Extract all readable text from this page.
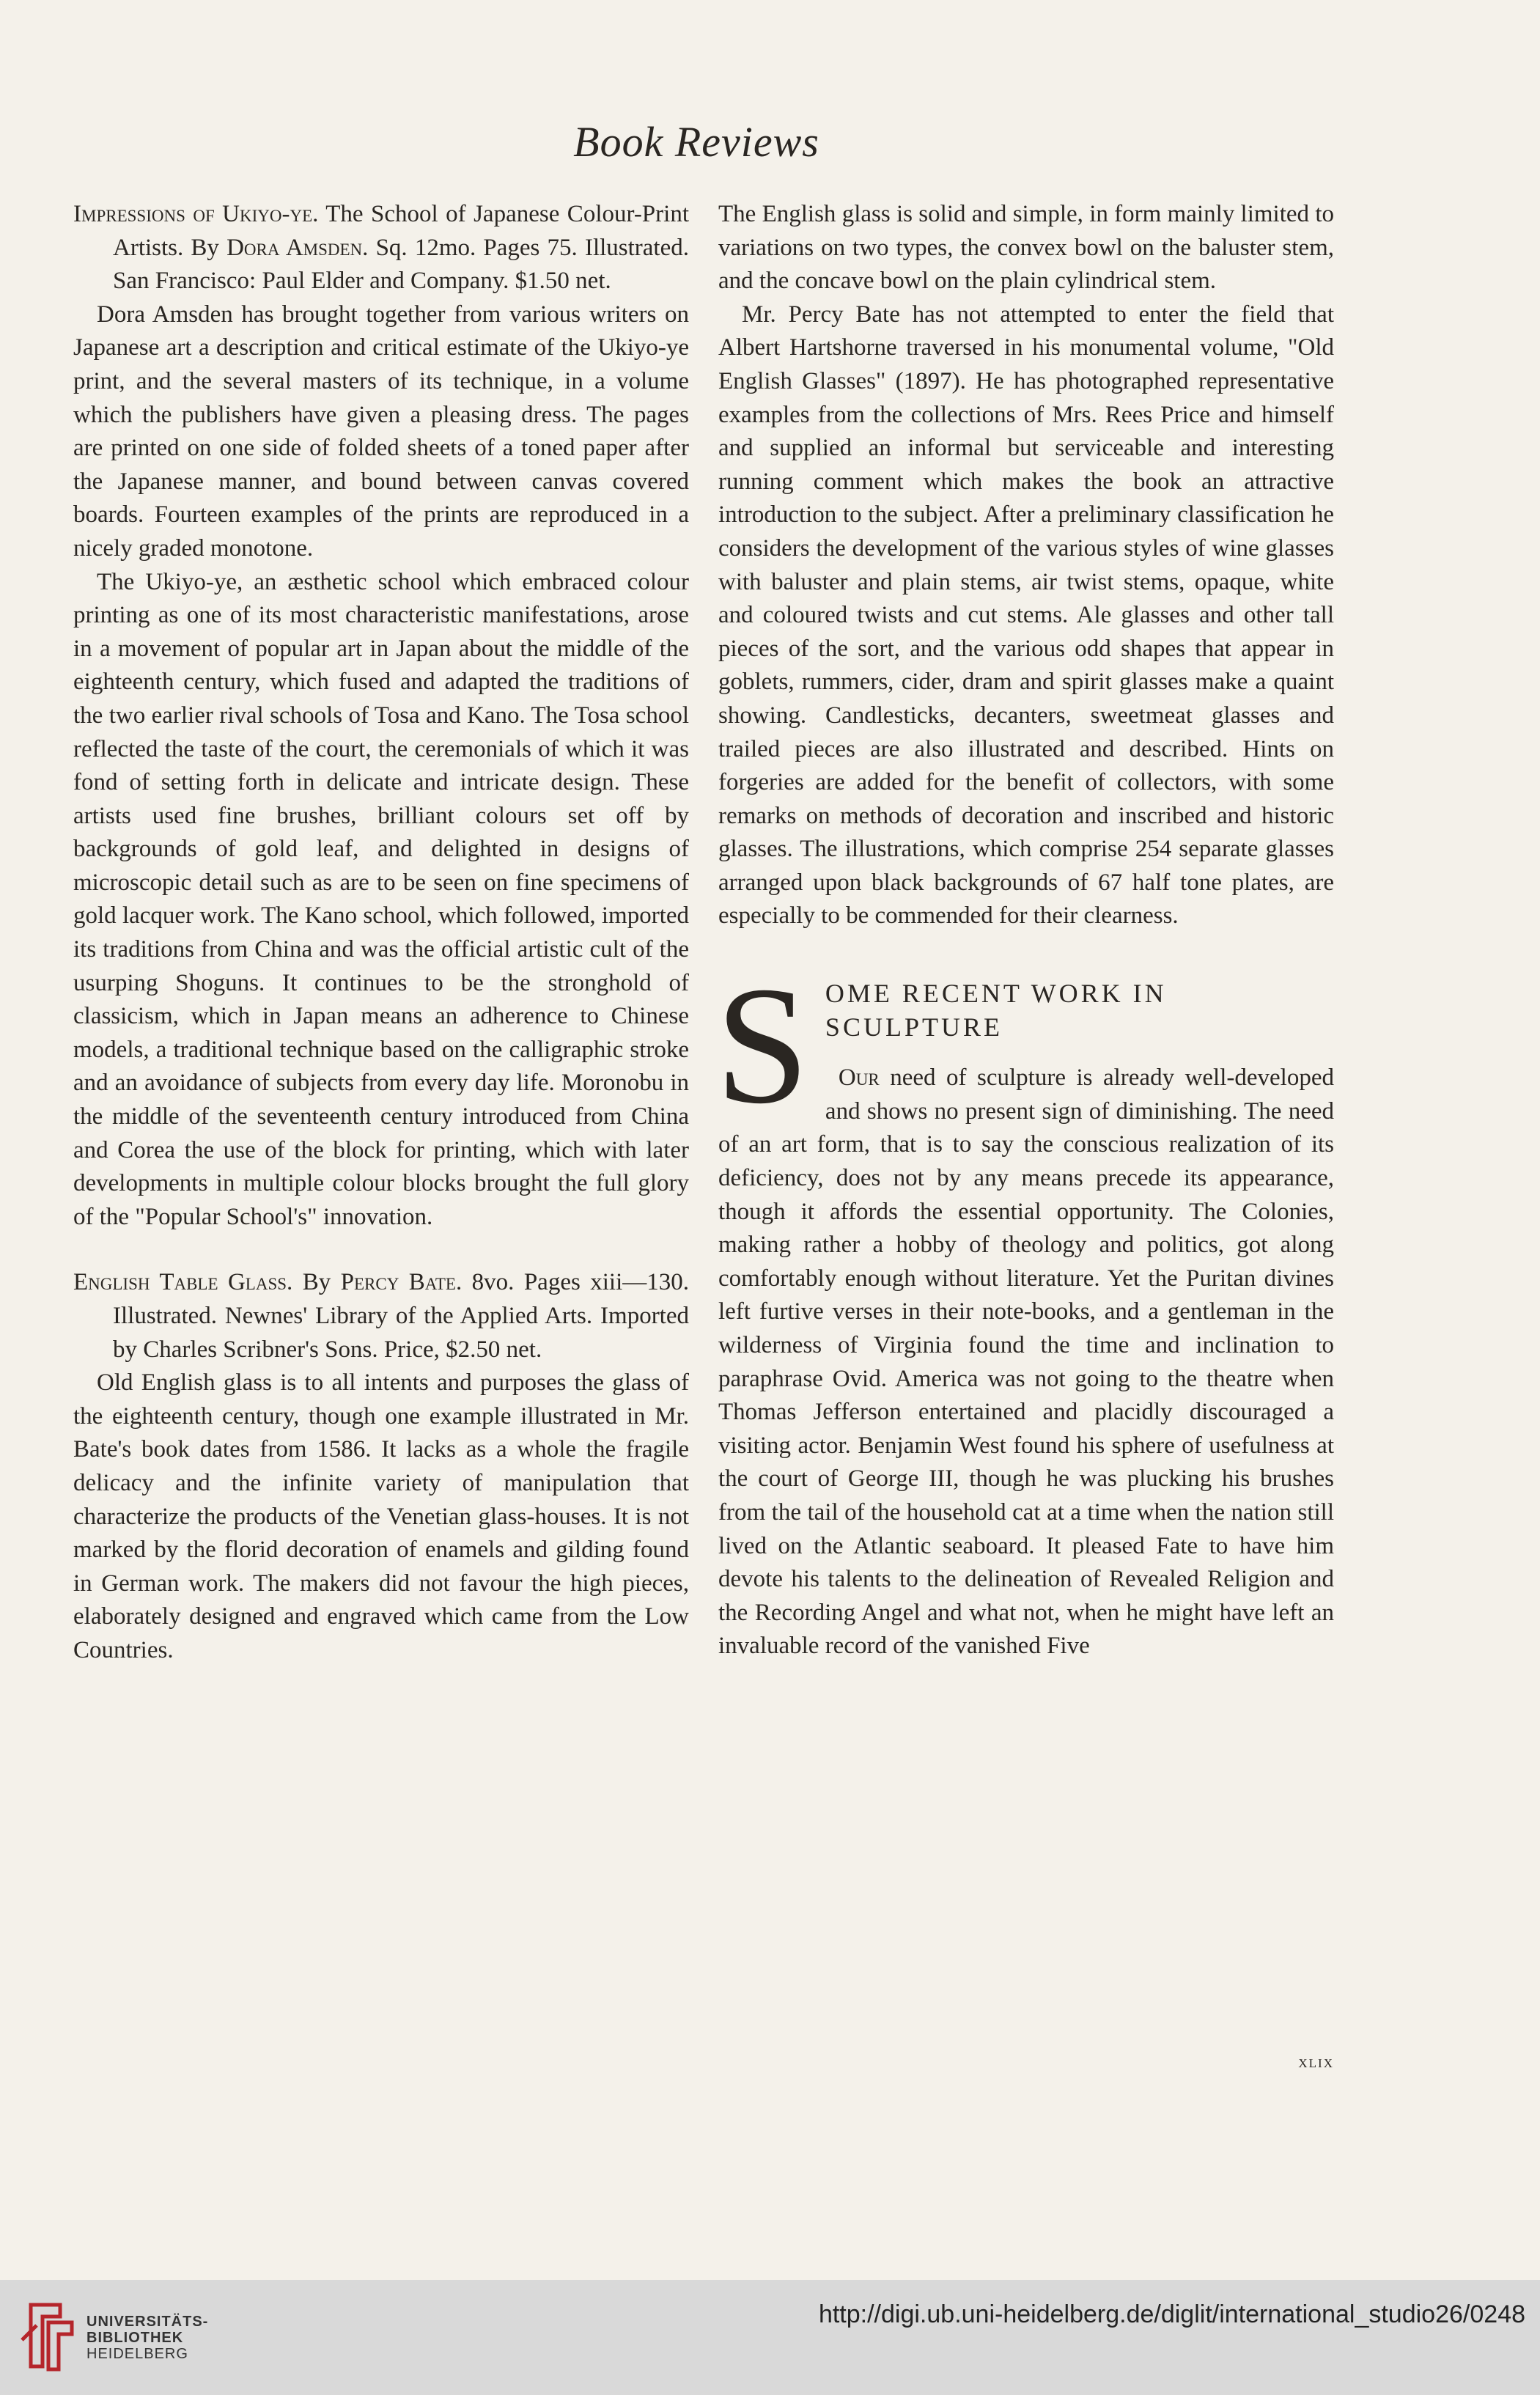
Book Reviews

Impressions of Ukiyo-ye. The School of Japanese Colour-Print Artists. By Dora Amsden. Sq. 12mo. Pages 75. Illustrated. San Francisco: Paul Elder and Company. $1.50 net.

Dora Amsden has brought together from various writers on Japanese art a description and critical estimate of the Ukiyo-ye print, and the several masters of its technique, in a volume which the publishers have given a pleasing dress. The pages are printed on one side of folded sheets of a toned paper after the Japanese manner, and bound between canvas covered boards. Fourteen examples of the prints are reproduced in a nicely graded monotone.

The Ukiyo-ye, an æsthetic school which embraced colour printing as one of its most characteristic manifestations, arose in a movement of popular art in Japan about the middle of the eighteenth century, which fused and adapted the traditions of the two earlier rival schools of Tosa and Kano. The Tosa school reflected the taste of the court, the ceremonials of which it was fond of setting forth in delicate and intricate design. These artists used fine brushes, brilliant colours set off by backgrounds of gold leaf, and delighted in designs of microscopic detail such as are to be seen on fine specimens of gold lacquer work. The Kano school, which followed, imported its traditions from China and was the official artistic cult of the usurping Shoguns. It continues to be the stronghold of classicism, which in Japan means an adherence to Chinese models, a traditional technique based on the calligraphic stroke and an avoidance of subjects from every day life. Moronobu in the middle of the seventeenth century introduced from China and Corea the use of the block for printing, which with later developments in multiple colour blocks brought the full glory of the "Popular School's" innovation.

English Table Glass. By Percy Bate. 8vo. Pages xiii—130. Illustrated. Newnes' Library of the Applied Arts. Imported by Charles Scribner's Sons. Price, $2.50 net.

Old English glass is to all intents and purposes the glass of the eighteenth century, though one example illustrated in Mr. Bate's book dates from 1586. It lacks as a whole the fragile delicacy and the infinite variety of manipulation that characterize the products of the Venetian glass-houses. It is not marked by the florid decoration of enamels and gilding found in German work. The makers did not favour the high pieces, elaborately designed and engraved which came from the Low Countries.

The English glass is solid and simple, in form mainly limited to variations on two types, the convex bowl on the baluster stem, and the concave bowl on the plain cylindrical stem.

Mr. Percy Bate has not attempted to enter the field that Albert Hartshorne traversed in his monumental volume, "Old English Glasses" (1897). He has photographed representative examples from the collections of Mrs. Rees Price and himself and supplied an informal but serviceable and interesting running comment which makes the book an attractive introduction to the subject. After a preliminary classification he considers the development of the various styles of wine glasses with baluster and plain stems, air twist stems, opaque, white and coloured twists and cut stems. Ale glasses and other tall pieces of the sort, and the various odd shapes that appear in goblets, rummers, cider, dram and spirit glasses make a quaint showing. Candlesticks, decanters, sweetmeat glasses and trailed pieces are also illustrated and described. Hints on forgeries are added for the benefit of collectors, with some remarks on methods of decoration and inscribed and historic glasses. The illustrations, which comprise 254 separate glasses arranged upon black backgrounds of 67 half tone plates, are especially to be commended for their clearness.

S OME RECENT WORK IN SCULPTURE

Our need of sculpture is already well-developed and shows no present sign of diminishing. The need of an art form, that is to say the conscious realization of its deficiency, does not by any means precede its appearance, though it affords the essential opportunity. The Colonies, making rather a hobby of theology and politics, got along comfortably enough without literature. Yet the Puritan divines left furtive verses in their note-books, and a gentleman in the wilderness of Virginia found the time and inclination to paraphrase Ovid. America was not going to the theatre when Thomas Jefferson entertained and placidly discouraged a visiting actor. Benjamin West found his sphere of usefulness at the court of George III, though he was plucking his brushes from the tail of the household cat at a time when the nation still lived on the Atlantic seaboard. It pleased Fate to have him devote his talents to the delineation of Revealed Religion and the Recording Angel and what not, when he might have left an invaluable record of the vanished Five

xlix
UNIVERSITÄTS-
BIBLIOTHEK
HEIDELBERG
http://digi.ub.uni-heidelberg.de/diglit/international_studio26/0248
